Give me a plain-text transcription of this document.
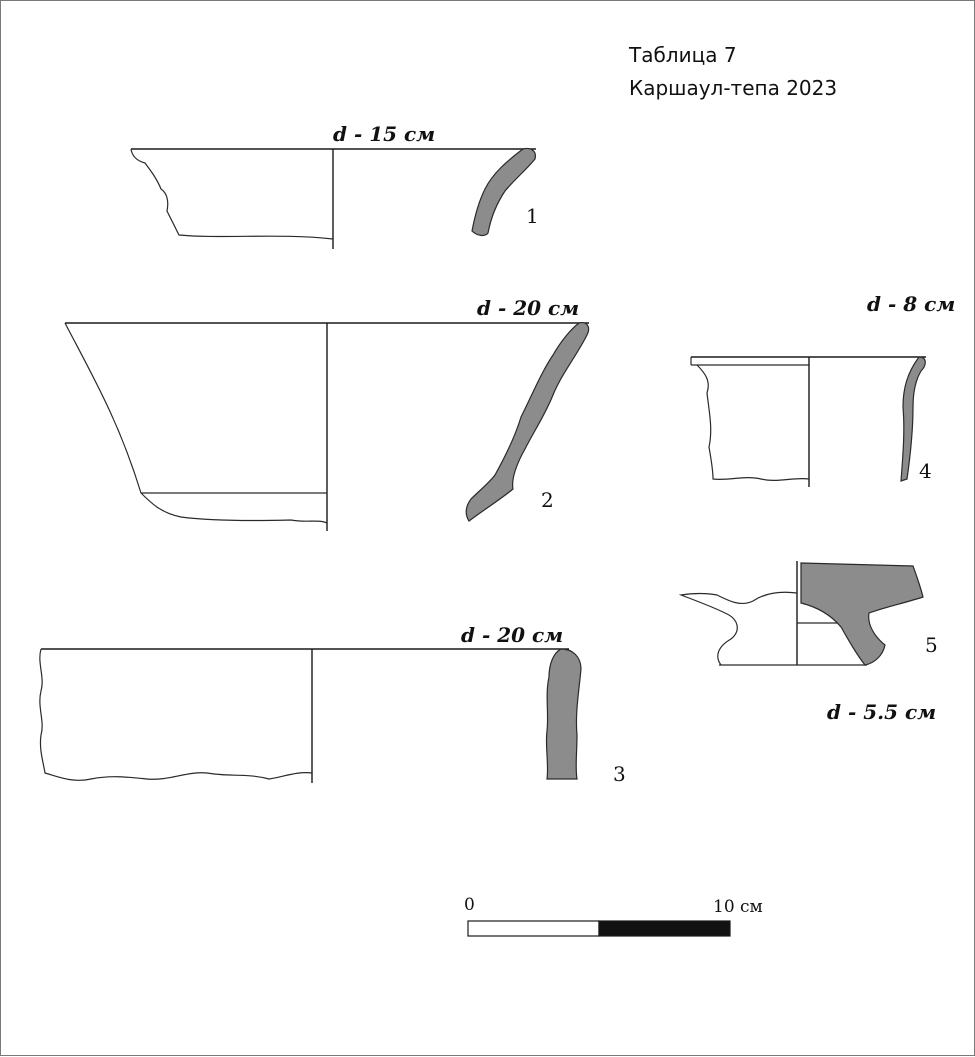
Таблица 7
Каршаул-тепа 2023
d - 15 см
1
d - 20 см
2
d - 20 см
3
d - 8 см
4
d - 5.5 см
5
0	10 см
